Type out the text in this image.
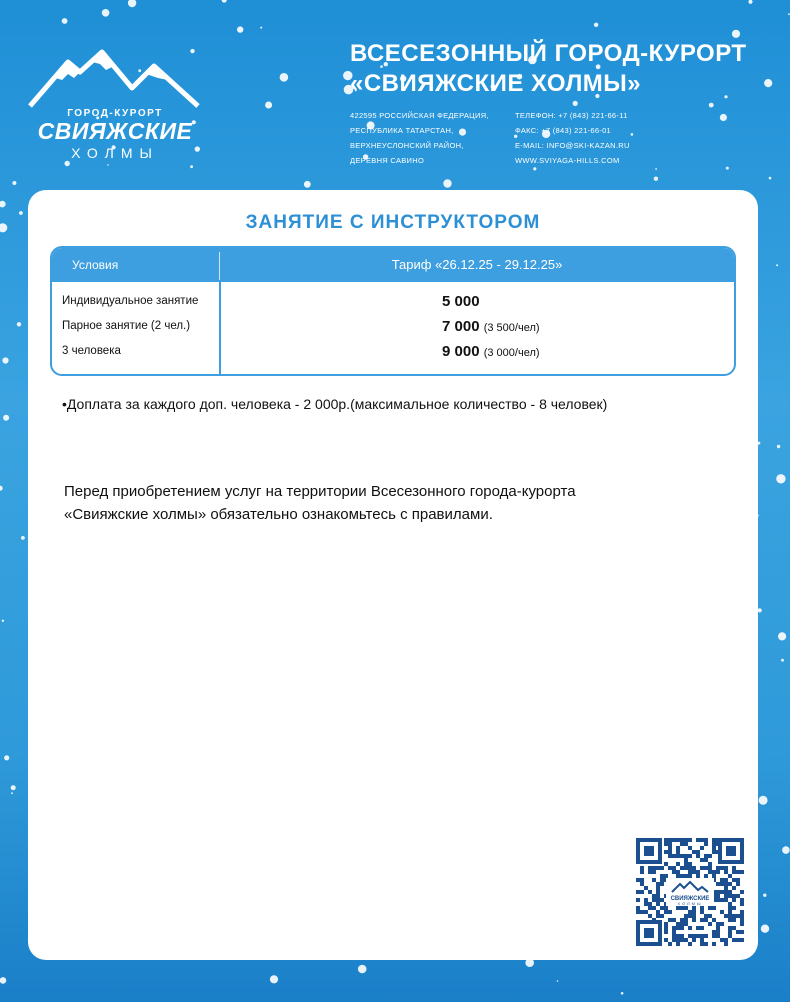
ГОРОД-КУРОРТ
СВИЯЖСКИЕ
ХОЛМЫ
ВСЕСЕЗОННЫЙ ГОРОД-КУРОРТ
«СВИЯЖСКИЕ ХОЛМЫ»
422595 РОССИЙСКАЯ ФЕДЕРАЦИЯ,
РЕСПУБЛИКА ТАТАРСТАН,
ВЕРХНЕУСЛОНСКИЙ РАЙОН,
ДЕРЕВНЯ САВИНО
ТЕЛЕФОН: +7 (843) 221-66-11
ФАКС: +7 (843) 221-66-01
E-MAIL: INFO@SKI-KAZAN.RU
WWW.SVIYAGA-HILLS.COM
ЗАНЯТИЕ С ИНСТРУКТОРОМ
Условия	Тариф «26.12.25 - 29.12.25»
Индивидуальное занятие	5 000
Парное занятие (2 чел.)	7 000 (3 500/чел)
3 человека	9 000 (3 000/чел)
•Доплата за каждого доп. человека - 2 000р.(максимальное количество - 8 человек)
Перед приобретением услуг на территории Всесезонного города-курорта
«Свияжские холмы» обязательно ознакомьтесь с правилами.
СВИЯЖСКИЕ
ХОЛМЫ
